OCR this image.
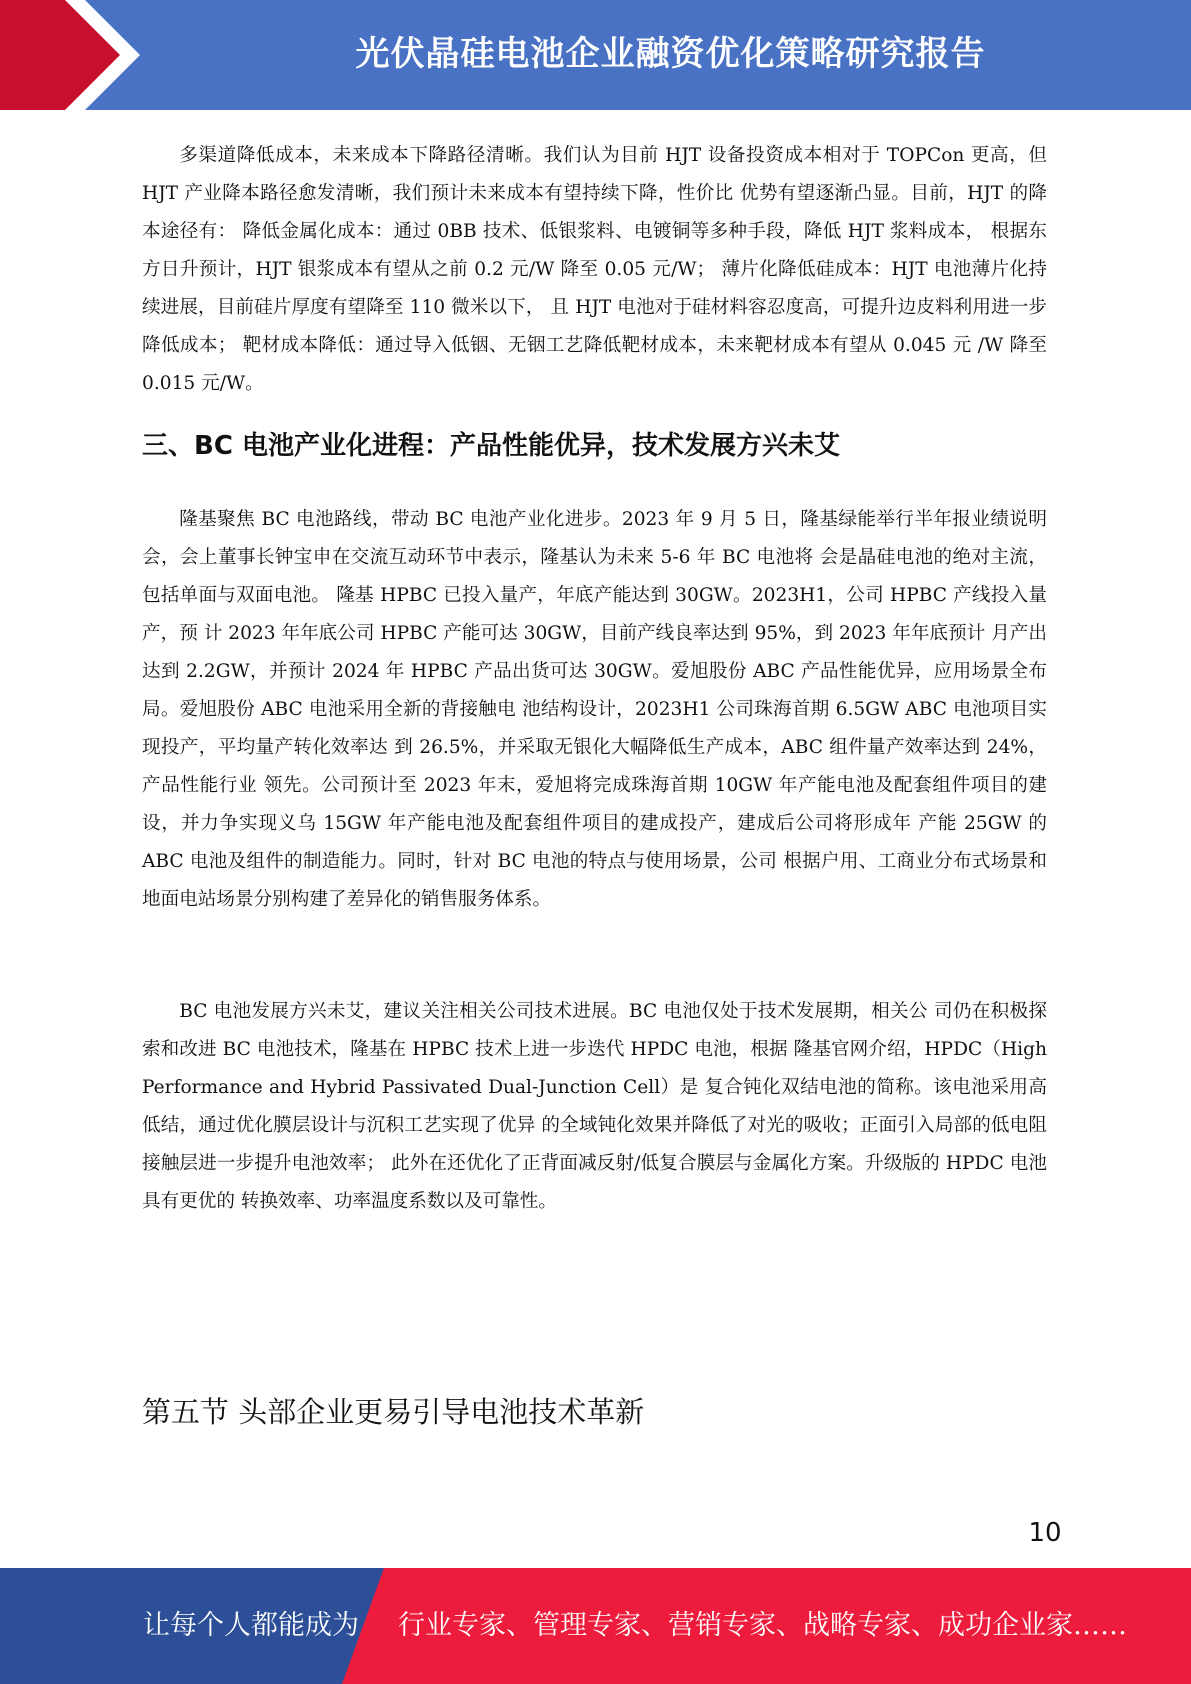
光伏晶硅电池企业融资优化策略研究报告

多渠道降低成本，未来成本下降路径清晰。我们认为目前 HJT 设备投资成本相对于 TOPCon 更高，但 HJT 产业降本路径愈发清晰，我们预计未来成本有望持续下降，性价比 优势有望逐渐凸显。目前，HJT 的降本途径有： 降低金属化成本：通过 0BB 技术、低银浆料、电镀铜等多种手段，降低 HJT 浆料成本， 根据东方日升预计，HJT 银浆成本有望从之前 0.2 元/W 降至 0.05 元/W； 薄片化降低硅成本：HJT 电池薄片化持续进展，目前硅片厚度有望降至 110 微米以下， 且 HJT 电池对于硅材料容忍度高，可提升边皮料利用进一步降低成本； 靶材成本降低：通过导入低铟、无铟工艺降低靶材成本，未来靶材成本有望从 0.045 元 /W 降至 0.015 元/W。

三、BC 电池产业化进程：产品性能优异，技术发展方兴未艾

隆基聚焦 BC 电池路线，带动 BC 电池产业化进步。2023 年 9 月 5 日，隆基绿能举行半年报业绩说明会，会上董事长钟宝申在交流互动环节中表示，隆基认为未来 5-6 年 BC 电池将 会是晶硅电池的绝对主流，包括单面与双面电池。 隆基 HPBC 已投入量产，年底产能达到 30GW。2023H1，公司 HPBC 产线投入量产，预 计 2023 年年底公司 HPBC 产能可达 30GW，目前产线良率达到 95%，到 2023 年年底预计 月产出达到 2.2GW，并预计 2024 年 HPBC 产品出货可达 30GW。爱旭股份 ABC 产品性能优异，应用场景全布局。爱旭股份 ABC 电池采用全新的背接触电 池结构设计，2023H1 公司珠海首期 6.5GW ABC 电池项目实现投产，平均量产转化效率达 到 26.5%，并采取无银化大幅降低生产成本，ABC 组件量产效率达到 24%，产品性能行业 领先。公司预计至 2023 年末，爱旭将完成珠海首期 10GW 年产能电池及配套组件项目的建 设，并力争实现义乌 15GW 年产能电池及配套组件项目的建成投产，建成后公司将形成年 产能 25GW 的 ABC 电池及组件的制造能力。同时，针对 BC 电池的特点与使用场景，公司 根据户用、工商业分布式场景和地面电站场景分别构建了差异化的销售服务体系。

BC 电池发展方兴未艾，建议关注相关公司技术进展。BC 电池仅处于技术发展期，相关公 司仍在积极探索和改进 BC 电池技术，隆基在 HPBC 技术上进一步迭代 HPDC 电池，根据 隆基官网介绍，HPDC（High Performance and Hybrid Passivated Dual-Junction Cell）是 复合钝化双结电池的简称。该电池采用高低结，通过优化膜层设计与沉积工艺实现了优异 的全域钝化效果并降低了对光的吸收；正面引入局部的低电阻接触层进一步提升电池效率； 此外在还优化了正背面减反射/低复合膜层与金属化方案。升级版的 HPDC 电池具有更优的 转换效率、功率温度系数以及可靠性。

第五节 头部企业更易引导电池技术革新
10
让每个人都能成为 行业专家、管理专家、营销专家、战略专家、成功企业家……
